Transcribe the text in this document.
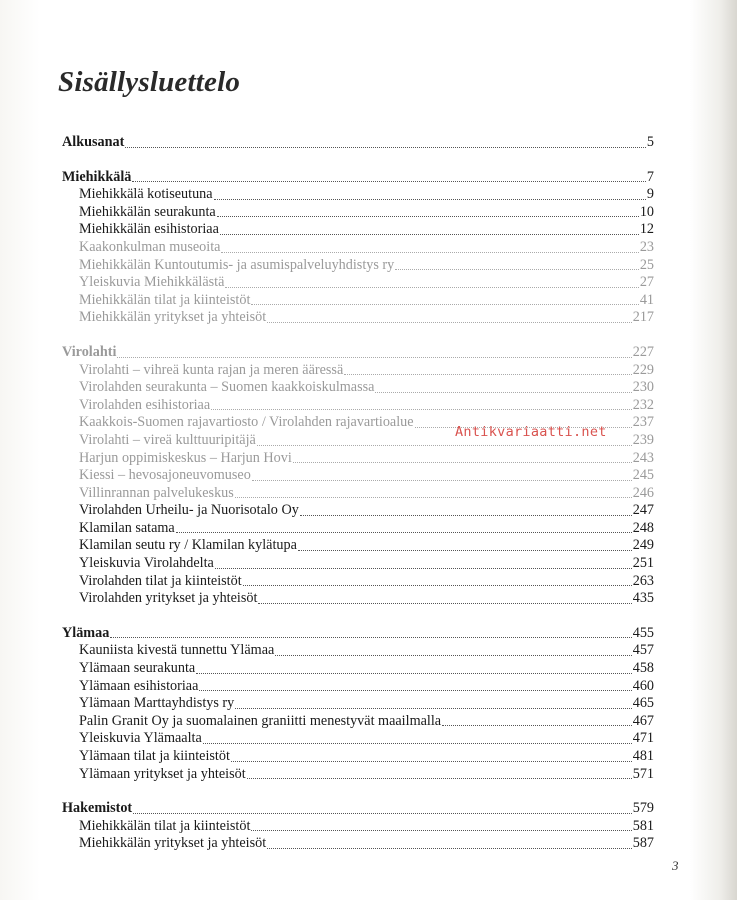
Sisällysluettelo
Alkusanat	5
Miehikkälä	7
Miehikkälä kotiseutuna	9
Miehikkälän seurakunta	10
Miehikkälän esihistoriaa	12
Kaakonkulman museoita	23
Miehikkälän Kuntoutumis- ja asumispalveluyhdistys ry	25
Yleiskuvia Miehikkälästä	27
Miehikkälän tilat ja kiinteistöt	41
Miehikkälän yritykset ja yhteisöt	217
Virolahti	227
Virolahti – vihreä kunta rajan ja meren ääressä	229
Virolahden seurakunta – Suomen kaakkoiskulmassa	230
Virolahden esihistoriaa	232
Kaakkois-Suomen rajavartiosto / Virolahden rajavartioalue	237
Virolahti – vireä kulttuuripitäjä	239
Harjun oppimiskeskus – Harjun Hovi	243
Kiessi – hevosajoneuvomuseo	245
Villinrannan palvelukeskus	246
Virolahden Urheilu- ja Nuorisotalo Oy	247
Klamilan satama	248
Klamilan seutu ry / Klamilan kylätupa	249
Yleiskuvia Virolahdelta	251
Virolahden tilat ja kiinteistöt	263
Virolahden yritykset ja yhteisöt	435
Ylämaa	455
Kauniista kivestä tunnettu Ylämaa	457
Ylämaan seurakunta	458
Ylämaan esihistoriaa	460
Ylämaan Marttayhdistys ry	465
Palin Granit Oy ja suomalainen graniitti menestyvät maailmalla	467
Yleiskuvia Ylämaalta	471
Ylämaan tilat ja kiinteistöt	481
Ylämaan yritykset ja yhteisöt	571
Hakemistot	579
Miehikkälän tilat ja kiinteistöt	581
Miehikkälän yritykset ja yhteisöt	587
Antikvariaatti.net
3
